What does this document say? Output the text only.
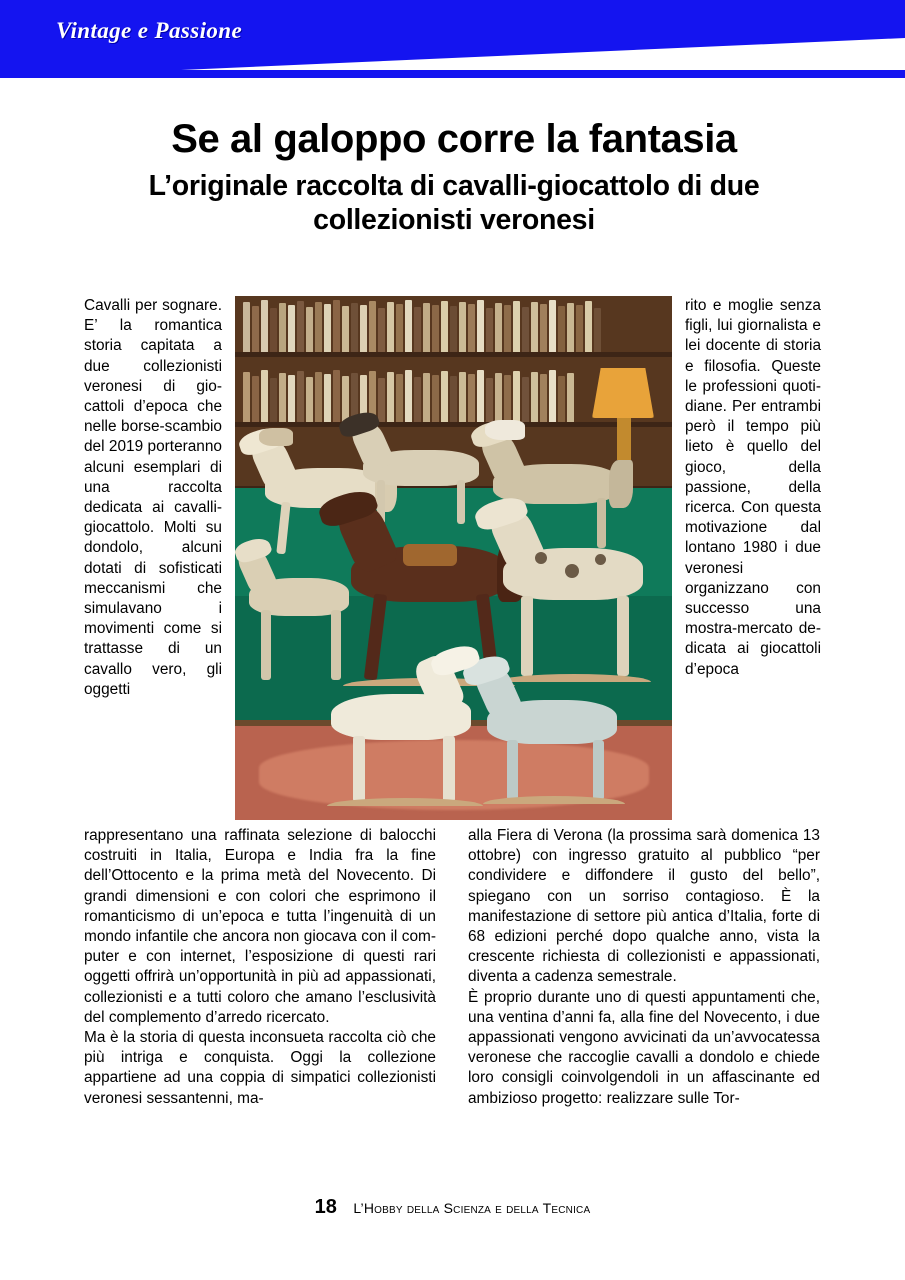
Vintage e Passione
Se al galoppo corre la fantasia
L’originale raccolta di cavalli-giocattolo di due collezionisti veronesi

Cavalli per sognare. E’ la romantica storia capitata a due collezionisti veronesi di giocattoli d’epoca che nelle borse-scambio del 2019 porteranno alcuni esemplari di una raccolta dedicata ai cavalli-giocattolo. Molti su dondolo, alcuni dotati di sofisticati meccanismi che simulavano i movimenti come si trattasse di un cavallo vero, gli oggetti

rito e moglie senza figli, lui giornalista e lei docente di storia e filosofia. Queste le professioni quotidiane. Per entrambi però il tempo più lieto è quello del gioco, della passione, della ricerca. Con questa motivazione dal lontano 1980 i due veronesi organizzano con successo una mostra-mercato dedicata ai giocattoli d’epoca

rappresentano una raffinata selezione di balocchi costruiti in Italia, Europa e India fra la fine dell’Ottocento e la prima metà del Novecento. Di grandi dimensioni e con colori che esprimono il romanticismo di un’epoca e tutta l’ingenuità di un mondo infantile che ancora non giocava con il computer e con internet, l’esposizione di questi rari oggetti offrirà un’opportunità in più ad appassionati, collezionisti e a tutti coloro che amano l’esclusività del complemento d’arredo ricercato.

Ma è la storia di questa inconsueta raccolta ciò che più intriga e conquista. Oggi la collezione appartiene ad una coppia di simpatici collezionisti veronesi sessantenni, ma-

alla Fiera di Verona (la prossima sarà domenica 13 ottobre) con ingresso gratuito al pubblico “per condividere e diffondere il gusto del bello”, spiegano con un sorriso contagioso. È la manifestazione di settore più antica d’Italia, forte di 68 edizioni perché dopo qualche anno, vista la crescente richiesta di collezionisti e appassionati, diventa a cadenza semestrale.

È proprio durante uno di questi appuntamenti che, una ventina d’anni fa, alla fine del Novecento, i due appassionati vengono avvicinati da un’avvocatessa veronese che raccoglie cavalli a dondolo e chiede loro consigli coinvolgendoli in un affascinante ed ambizioso progetto: realizzare sulle Tor-

18 L’Hobby della Scienza e della Tecnica
